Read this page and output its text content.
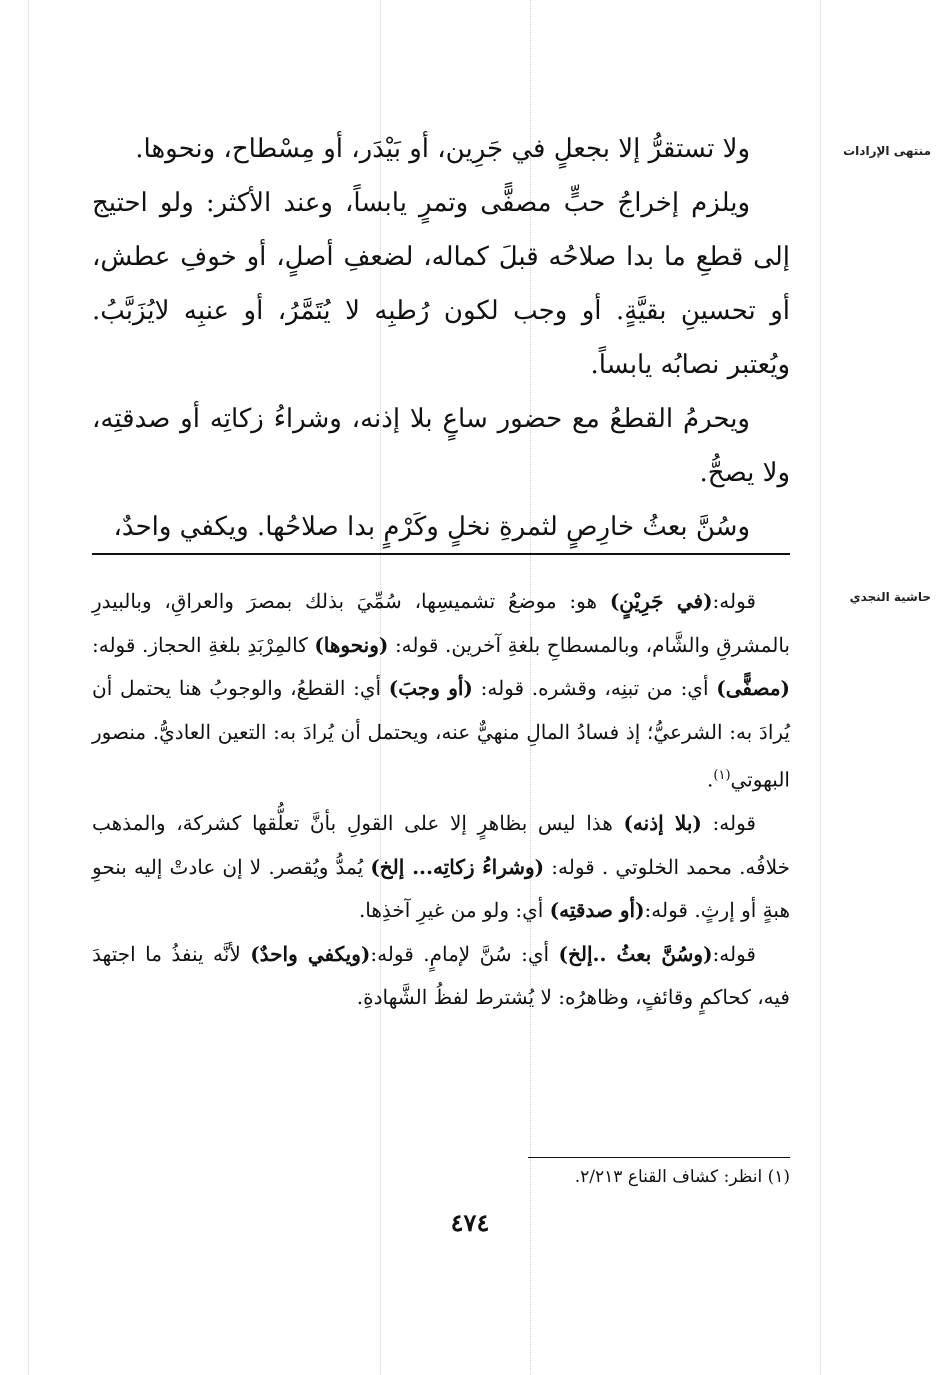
منتهى الإرادات
حاشية النجدي

ولا تستقرُّ إلا بجعلٍ في جَرِين، أو بَيْدَر، أو مِسْطاح، ونحوها.

ويلزم إخراجُ حبٍّ مصفًّى وتمرٍ يابساً، وعند الأكثر: ولو احتيج إلى قطعِ ما بدا صلاحُه قبلَ كماله، لضعفِ أصلٍ، أو خوفِ عطش، أو تحسينِ بقيَّةٍ. أو وجب لكون رُطبِه لا يُتَمَّرُ، أو عنبِه لايُزَبَّبُ. ويُعتبر نصابُه يابساً.

ويحرمُ القطعُ مع حضور ساعٍ بلا إذنه، وشراءُ زكاتِه أو صدقتِه، ولا يصحُّ.

وسُنَّ بعثُ خارِصٍ لثمرةِ نخلٍ وكَرْمٍ بدا صلاحُها. ويكفي واحدٌ،

قوله:(في جَرِيْنٍ) هو: موضعُ تشميسِها، سُمِّيَ بذلك بمصرَ والعراقِ، وبالبيدرِ بالمشرقِ والشَّام، وبالمسطاحِ بلغةِ آخرين. قوله: (ونحوها) كالمِرْبَدِ بلغةِ الحجاز. قوله: (مصفًّى) أي: من تبنِه، وقشره. قوله: (أو وجبَ) أي: القطعُ، والوجوبُ هنا يحتمل أن يُرادَ به: الشرعيُّ؛ إذ فسادُ المالِ منهيٌّ عنه، ويحتمل أن يُرادَ به: التعين العاديُّ. منصور البهوتي$^{(١)}$.

قوله: (بلا إذنه) هذا ليس بظاهرٍ إلا على القولِ بأنَّ تعلُّقها كشركة، والمذهب خلافُه. محمد الخلوتي . قوله: (وشراءُ زكاتِه... إلخ) يُمدُّ ويُقصر. لا إن عادتْ إليه بنحوِ هبةٍ أو إرثٍ. قوله:(أو صدقتِه) أي: ولو من غيرِ آخذِها.

قوله:(وسُنَّ بعثُ ..إلخ) أي: سُنَّ لإمامٍ. قوله:(ويكفي واحدٌ) لأنَّه ينفذُ ما اجتهدَ فيه، كحاكمٍ وقائفٍ، وظاهرُه: لا يُشترط لفظُ الشَّهادةِ.

(١) انظر: كشاف القناع ٢/٢١٣.
٤٧٤
